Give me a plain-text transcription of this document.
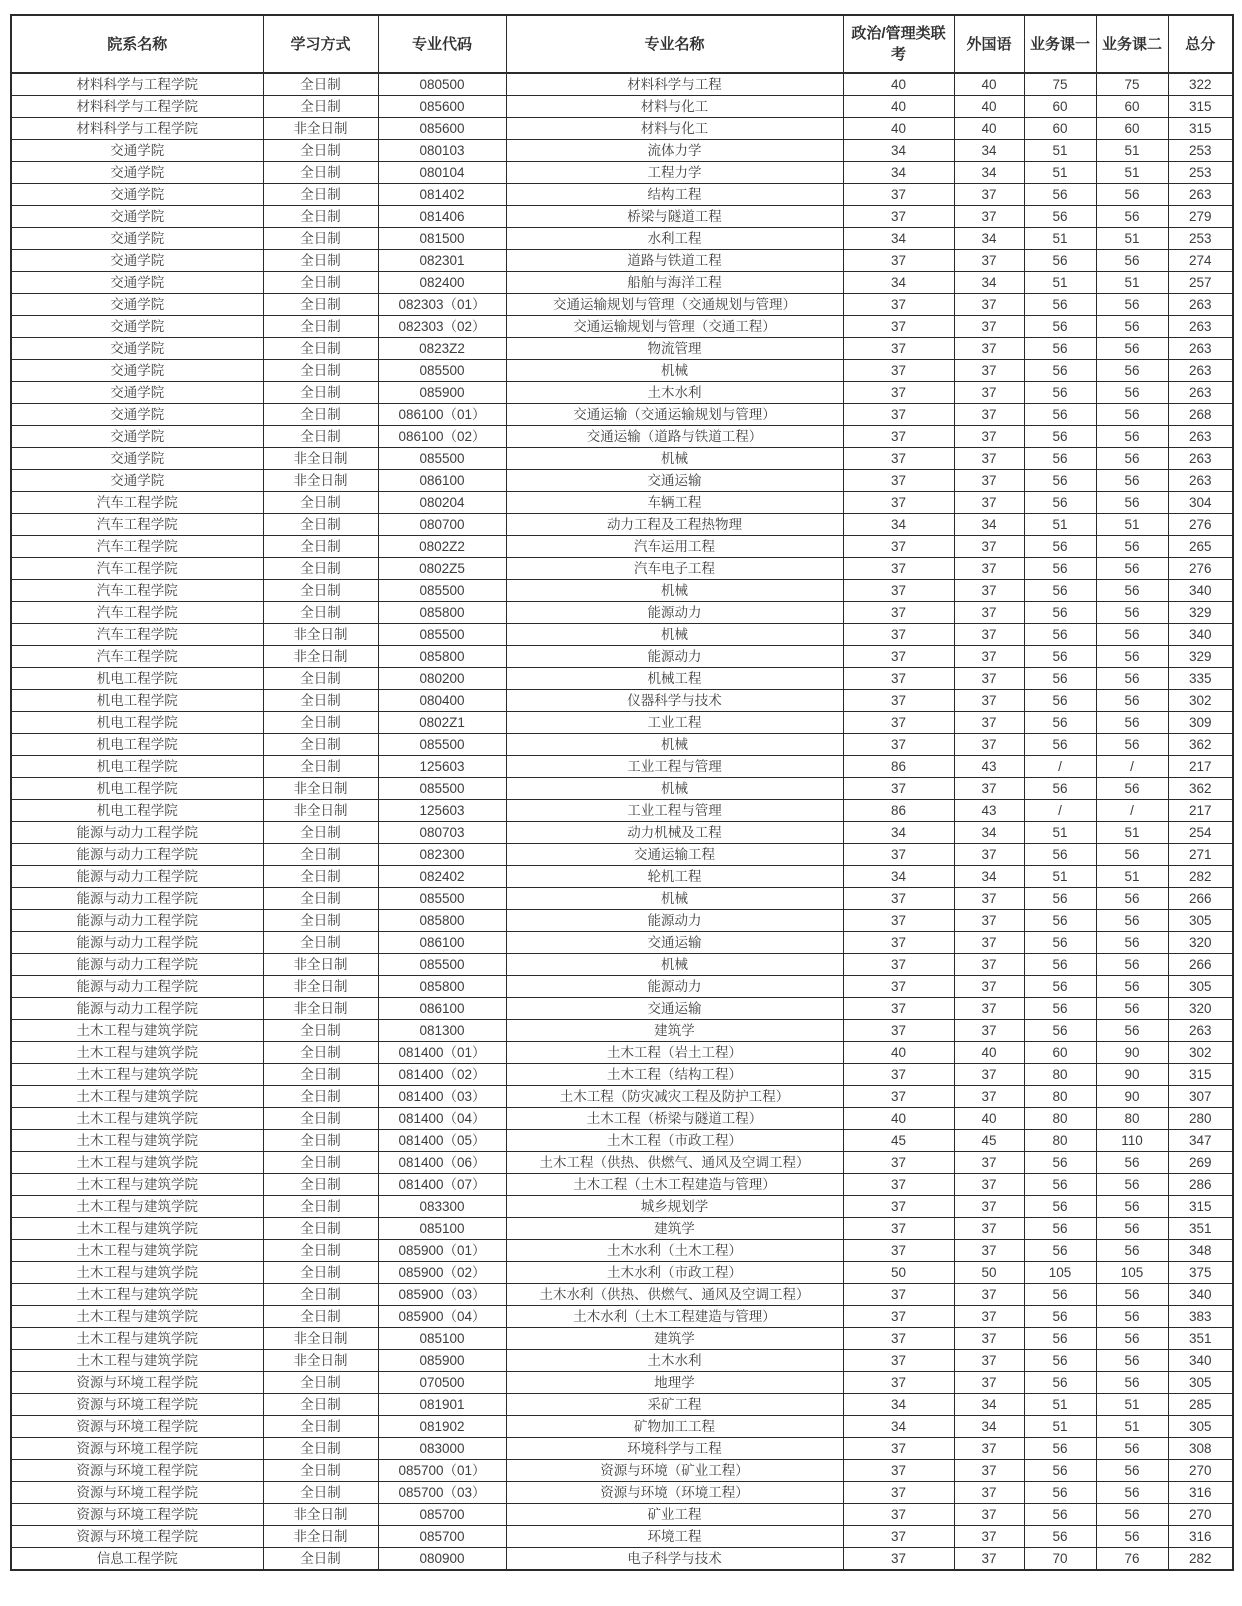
院系名称	学习方式	专业代码	专业名称	政治/管理类联考	外国语	业务课一	业务课二	总分
材料科学与工程学院	全日制	080500	材料科学与工程	40	40	75	75	322
材料科学与工程学院	全日制	085600	材料与化工	40	40	60	60	315
材料科学与工程学院	非全日制	085600	材料与化工	40	40	60	60	315
交通学院	全日制	080103	流体力学	34	34	51	51	253
交通学院	全日制	080104	工程力学	34	34	51	51	253
交通学院	全日制	081402	结构工程	37	37	56	56	263
交通学院	全日制	081406	桥梁与隧道工程	37	37	56	56	279
交通学院	全日制	081500	水利工程	34	34	51	51	253
交通学院	全日制	082301	道路与铁道工程	37	37	56	56	274
交通学院	全日制	082400	船舶与海洋工程	34	34	51	51	257
交通学院	全日制	082303（01）	交通运输规划与管理（交通规划与管理）	37	37	56	56	263
交通学院	全日制	082303（02）	交通运输规划与管理（交通工程）	37	37	56	56	263
交通学院	全日制	0823Z2	物流管理	37	37	56	56	263
交通学院	全日制	085500	机械	37	37	56	56	263
交通学院	全日制	085900	土木水利	37	37	56	56	263
交通学院	全日制	086100（01）	交通运输（交通运输规划与管理）	37	37	56	56	268
交通学院	全日制	086100（02）	交通运输（道路与铁道工程）	37	37	56	56	263
交通学院	非全日制	085500	机械	37	37	56	56	263
交通学院	非全日制	086100	交通运输	37	37	56	56	263
汽车工程学院	全日制	080204	车辆工程	37	37	56	56	304
汽车工程学院	全日制	080700	动力工程及工程热物理	34	34	51	51	276
汽车工程学院	全日制	0802Z2	汽车运用工程	37	37	56	56	265
汽车工程学院	全日制	0802Z5	汽车电子工程	37	37	56	56	276
汽车工程学院	全日制	085500	机械	37	37	56	56	340
汽车工程学院	全日制	085800	能源动力	37	37	56	56	329
汽车工程学院	非全日制	085500	机械	37	37	56	56	340
汽车工程学院	非全日制	085800	能源动力	37	37	56	56	329
机电工程学院	全日制	080200	机械工程	37	37	56	56	335
机电工程学院	全日制	080400	仪器科学与技术	37	37	56	56	302
机电工程学院	全日制	0802Z1	工业工程	37	37	56	56	309
机电工程学院	全日制	085500	机械	37	37	56	56	362
机电工程学院	全日制	125603	工业工程与管理	86	43	/	/	217
机电工程学院	非全日制	085500	机械	37	37	56	56	362
机电工程学院	非全日制	125603	工业工程与管理	86	43	/	/	217
能源与动力工程学院	全日制	080703	动力机械及工程	34	34	51	51	254
能源与动力工程学院	全日制	082300	交通运输工程	37	37	56	56	271
能源与动力工程学院	全日制	082402	轮机工程	34	34	51	51	282
能源与动力工程学院	全日制	085500	机械	37	37	56	56	266
能源与动力工程学院	全日制	085800	能源动力	37	37	56	56	305
能源与动力工程学院	全日制	086100	交通运输	37	37	56	56	320
能源与动力工程学院	非全日制	085500	机械	37	37	56	56	266
能源与动力工程学院	非全日制	085800	能源动力	37	37	56	56	305
能源与动力工程学院	非全日制	086100	交通运输	37	37	56	56	320
土木工程与建筑学院	全日制	081300	建筑学	37	37	56	56	263
土木工程与建筑学院	全日制	081400（01）	土木工程（岩土工程）	40	40	60	90	302
土木工程与建筑学院	全日制	081400（02）	土木工程（结构工程）	37	37	80	90	315
土木工程与建筑学院	全日制	081400（03）	土木工程（防灾减灾工程及防护工程）	37	37	80	90	307
土木工程与建筑学院	全日制	081400（04）	土木工程（桥梁与隧道工程）	40	40	80	80	280
土木工程与建筑学院	全日制	081400（05）	土木工程（市政工程）	45	45	80	110	347
土木工程与建筑学院	全日制	081400（06）	土木工程（供热、供燃气、通风及空调工程）	37	37	56	56	269
土木工程与建筑学院	全日制	081400（07）	土木工程（土木工程建造与管理）	37	37	56	56	286
土木工程与建筑学院	全日制	083300	城乡规划学	37	37	56	56	315
土木工程与建筑学院	全日制	085100	建筑学	37	37	56	56	351
土木工程与建筑学院	全日制	085900（01）	土木水利（土木工程）	37	37	56	56	348
土木工程与建筑学院	全日制	085900（02）	土木水利（市政工程）	50	50	105	105	375
土木工程与建筑学院	全日制	085900（03）	土木水利（供热、供燃气、通风及空调工程）	37	37	56	56	340
土木工程与建筑学院	全日制	085900（04）	土木水利（土木工程建造与管理）	37	37	56	56	383
土木工程与建筑学院	非全日制	085100	建筑学	37	37	56	56	351
土木工程与建筑学院	非全日制	085900	土木水利	37	37	56	56	340
资源与环境工程学院	全日制	070500	地理学	37	37	56	56	305
资源与环境工程学院	全日制	081901	采矿工程	34	34	51	51	285
资源与环境工程学院	全日制	081902	矿物加工工程	34	34	51	51	305
资源与环境工程学院	全日制	083000	环境科学与工程	37	37	56	56	308
资源与环境工程学院	全日制	085700（01）	资源与环境（矿业工程）	37	37	56	56	270
资源与环境工程学院	全日制	085700（03）	资源与环境（环境工程）	37	37	56	56	316
资源与环境工程学院	非全日制	085700	矿业工程	37	37	56	56	270
资源与环境工程学院	非全日制	085700	环境工程	37	37	56	56	316
信息工程学院	全日制	080900	电子科学与技术	37	37	70	76	282
